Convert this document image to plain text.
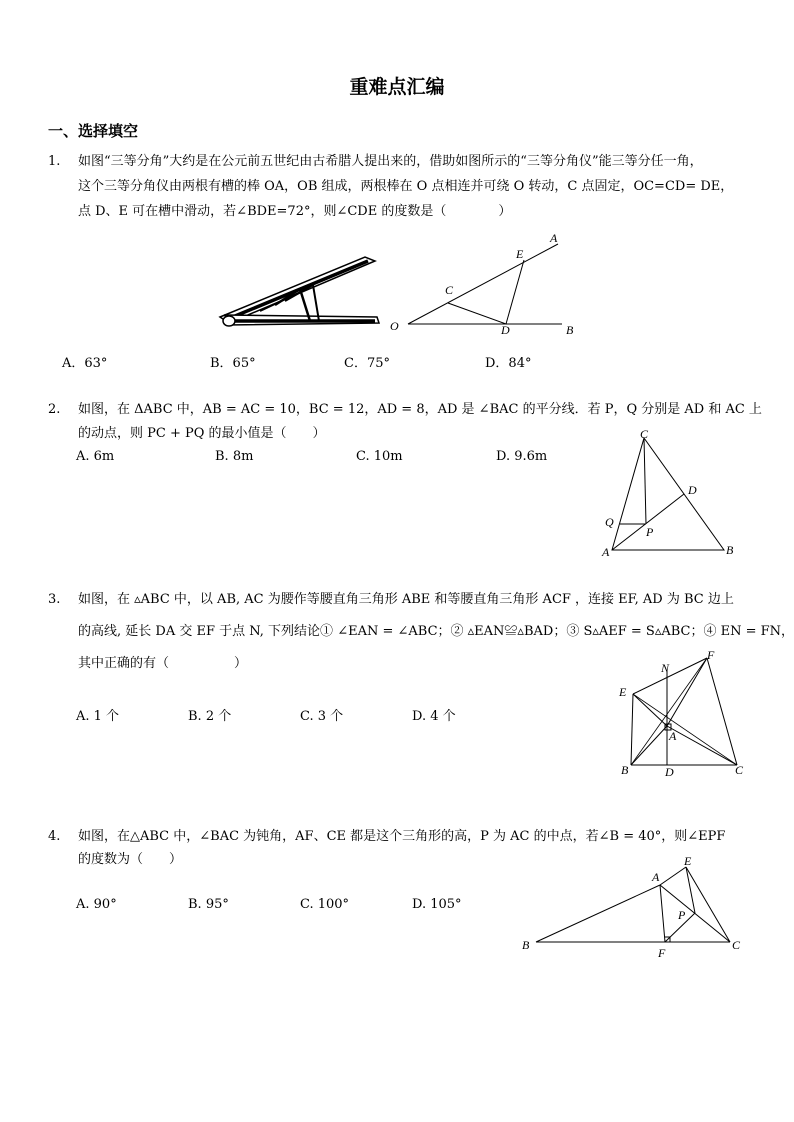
重难点汇编
一、选择填空
1. 如图“三等分角”大约是在公元前五世纪由古希腊人提出来的，借助如图所示的“三等分角仪”能三等分任一角，
这个三等分角仪由两根有槽的棒 OA，OB 组成，两根棒在 O 点相连并可绕 O 转动，C 点固定，OC=CD= DE，
点 D、E 可在槽中滑动，若∠BDE=72°，则∠CDE 的度数是（　　　　）
A
E
C
O	D	B
A．63°	B．65°	C．75°	D．84°
2. 如图，在 ΔABC 中，AB = AC = 10，BC = 12，AD = 8，AD 是 ∠BAC 的平分线．若 P，Q 分别是 AD 和 AC 上
的动点，则 PC + PQ 的最小值是（　　）
A. 6m	B. 8m	C. 10m	D. 9.6m
C
D
Q
P
A	B
3. 如图，在 ▵ABC 中，以 AB, AC 为腰作等腰直角三角形 ABE 和等腰直角三角形 ACF ，连接 EF, AD 为 BC 边上
的高线, 延长 DA 交 EF 于点 N, 下列结论① ∠EAN = ∠ABC；② ▵EAN≌▵BAD；③ S▵AEF = S▵ABC；④ EN = FN，
其中正确的有（　　　　　）
A. 1 个	B. 2 个	C. 3 个	D. 4 个
N
F
E
A
B	D	C
4. 如图，在△ABC 中，∠BAC 为钝角，AF、CE 都是这个三角形的高，P 为 AC 的中点，若∠B = 40°，则∠EPF
的度数为（　　）
A. 90°	B. 95°	C. 100°	D. 105°
E
A
P
B
F
C
